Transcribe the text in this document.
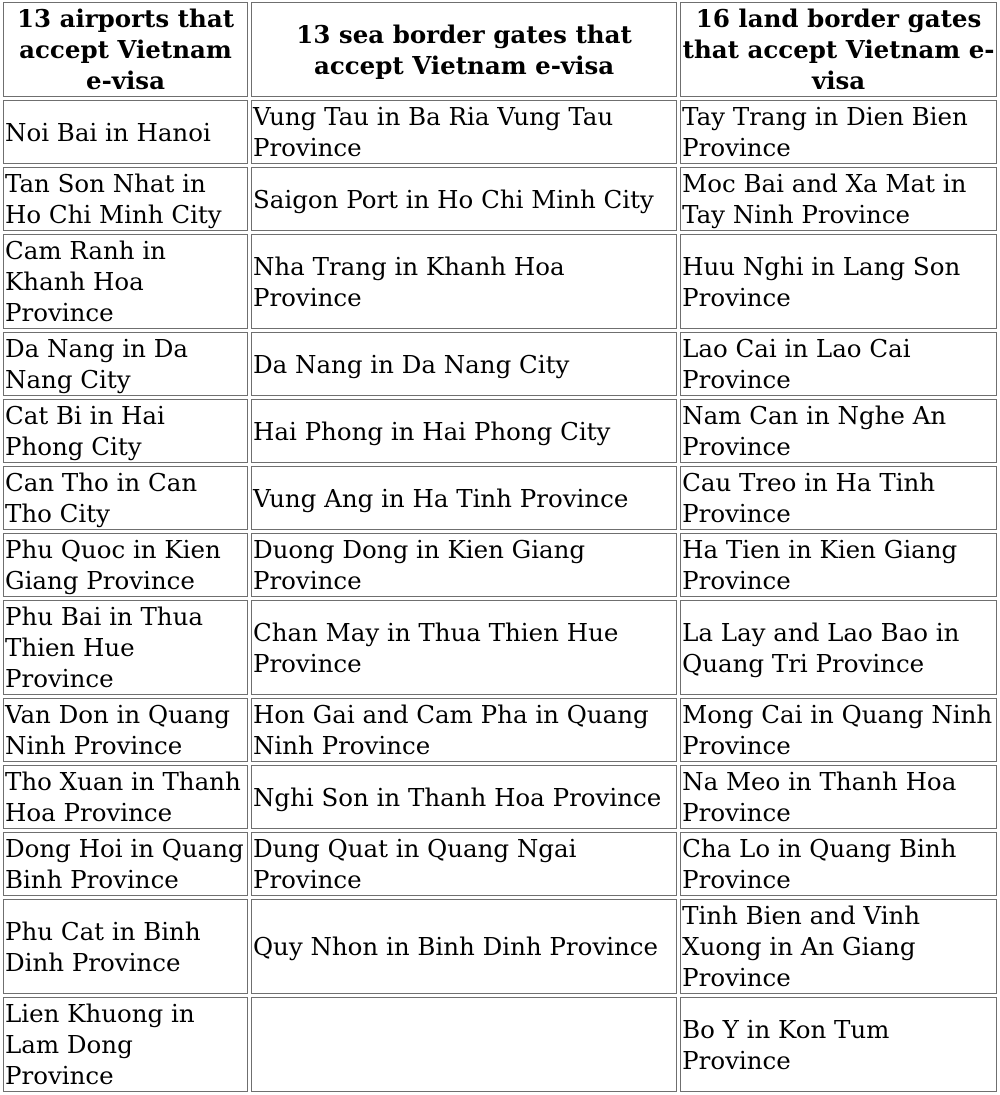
13 airports that accept Vietnam e-visa	13 sea border gates that accept Vietnam e-visa	16 land border gates that accept Vietnam e-visa
Noi Bai in Hanoi	Vung Tau in Ba Ria Vung Tau Province	Tay Trang in Dien Bien Province
Tan Son Nhat in Ho Chi Minh City	Saigon Port in Ho Chi Minh City	Moc Bai and Xa Mat in Tay Ninh Province
Cam Ranh in Khanh Hoa Province	Nha Trang in Khanh Hoa Province	Huu Nghi in Lang Son Province
Da Nang in Da Nang City	Da Nang in Da Nang City	Lao Cai in Lao Cai Province
Cat Bi in Hai Phong City	Hai Phong in Hai Phong City	Nam Can in Nghe An Province
Can Tho in Can Tho City	Vung Ang in Ha Tinh Province	Cau Treo in Ha Tinh Province
Phu Quoc in Kien Giang Province	Duong Dong in Kien Giang Province	Ha Tien in Kien Giang Province
Phu Bai in Thua Thien Hue Province	Chan May in Thua Thien Hue Province	La Lay and Lao Bao in Quang Tri Province
Van Don in Quang Ninh Province	Hon Gai and Cam Pha in Quang Ninh Province	Mong Cai in Quang Ninh Province
Tho Xuan in Thanh Hoa Province	Nghi Son in Thanh Hoa Province	Na Meo in Thanh Hoa Province
Dong Hoi in Quang Binh Province	Dung Quat in Quang Ngai Province	Cha Lo in Quang Binh Province
Phu Cat in Binh Dinh Province	Quy Nhon in Binh Dinh Province	Tinh Bien and Vinh Xuong in An Giang Province
Lien Khuong in Lam Dong Province		Bo Y in Kon Tum Province
